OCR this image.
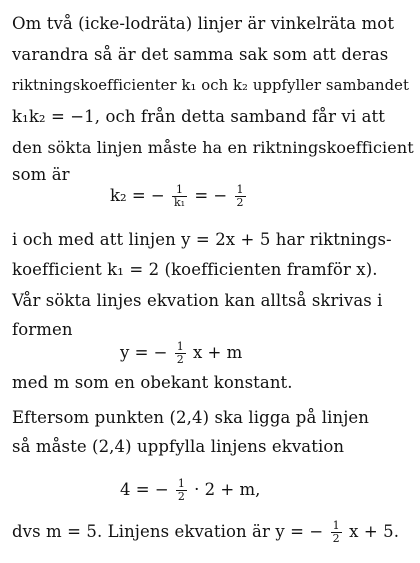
Om två (icke-lodräta) linjer är vinkelräta mot
varandra så är det samma sak som att deras
riktningskoefficienter k₁ och k₂ uppfyller sambandet
k₁k₂ = −1, och från detta samband får vi att
den sökta linjen måste ha en riktningskoefficient
som är
k₂ = − $\frac{1}{\text{k₁}}$ = − $\frac{1}{2}$
i och med att linjen y = 2x + 5 har riktnings-
koefficient k₁ = 2 (koefficienten framför x).
Vår sökta linjes ekvation kan alltså skrivas i
formen
y = − $\frac{1}{2}$ x + m
med m som en obekant konstant.
Eftersom punkten (2,4) ska ligga på linjen
så måste (2,4) uppfylla linjens ekvation
4 = − $\frac{1}{2} \cdot 2 + m$,
dvs m = 5. Linjens ekvation är y = − $\frac{1}{2}$ x + 5.
